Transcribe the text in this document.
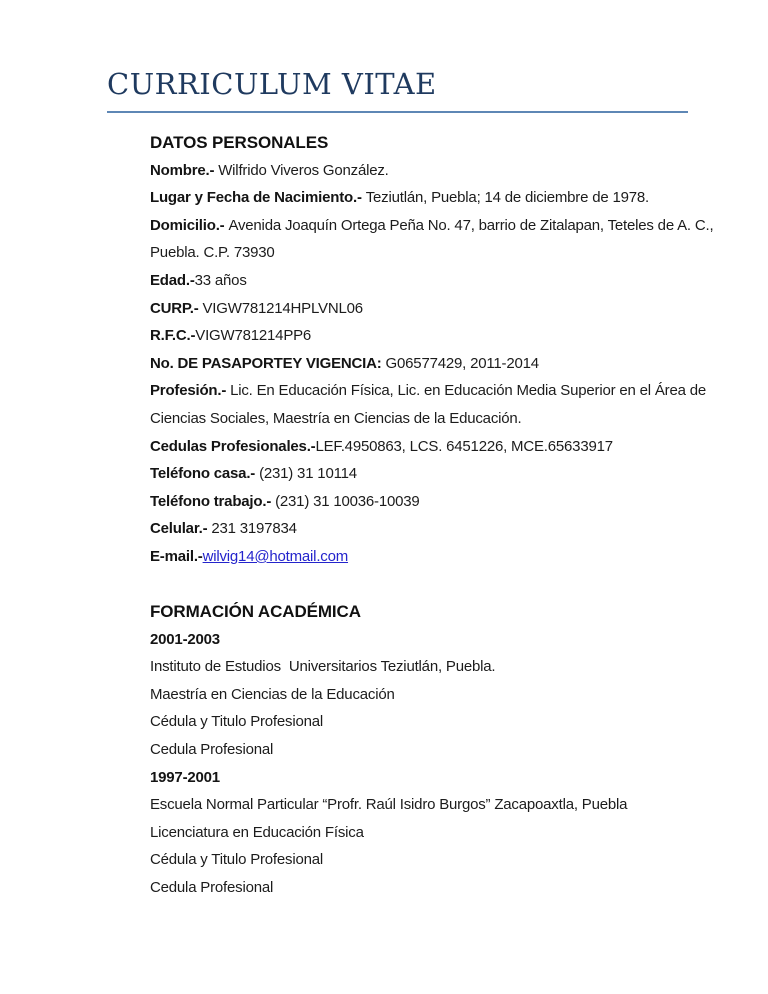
CURRICULUM VITAE

DATOS PERSONALES

Nombre.- Wilfrido Viveros González.

Lugar y Fecha de Nacimiento.- Teziutlán, Puebla; 14 de diciembre de 1978.

Domicilio.- Avenida Joaquín Ortega Peña No. 47, barrio de Zitalapan, Teteles de A. C.,

Puebla. C.P. 73930

Edad.-33 años

CURP.- VIGW781214HPLVNL06

R.F.C.-VIGW781214PP6

No. DE PASAPORTEY VIGENCIA: G06577429, 2011-2014

Profesión.- Lic. En Educación Física, Lic. en Educación Media Superior en el Área de

Ciencias Sociales, Maestría en Ciencias de la Educación.

Cedulas Profesionales.-LEF.4950863, LCS. 6451226, MCE.65633917

Teléfono casa.- (231) 31 10114

Teléfono trabajo.- (231) 31 10036-10039

Celular.- 231 3197834

E-mail.-wilvig14@hotmail.com

FORMACIÓN ACADÉMICA

2001-2003

Instituto de Estudios  Universitarios Teziutlán, Puebla.

Maestría en Ciencias de la Educación

Cédula y Titulo Profesional

Cedula Profesional

1997-2001

Escuela Normal Particular “Profr. Raúl Isidro Burgos” Zacapoaxtla, Puebla

Licenciatura en Educación Física

Cédula y Titulo Profesional

Cedula Profesional
